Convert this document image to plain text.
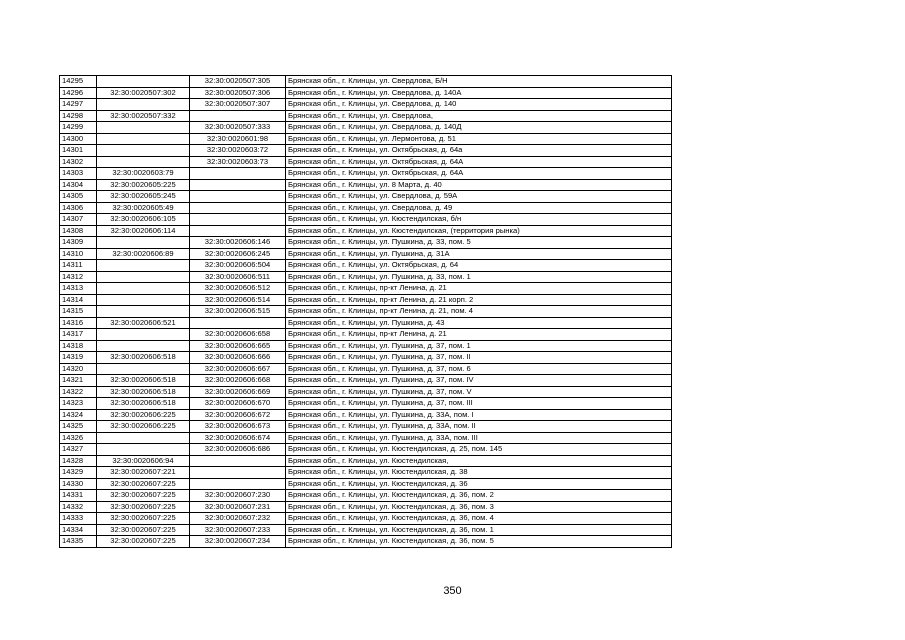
14295		32:30:0020507:305	Брянская обл., г. Клинцы, ул. Свердлова, Б/Н
14296	32:30:0020507:302	32:30:0020507:306	Брянская обл., г. Клинцы, ул. Свердлова, д. 140А
14297		32:30:0020507:307	Брянская обл., г. Клинцы, ул. Свердлова, д. 140
14298	32:30:0020507:332		Брянская обл., г. Клинцы, ул. Свердлова,
14299		32:30:0020507:333	Брянская обл., г. Клинцы, ул. Свердлова, д. 140Д
14300		32:30:0020601:98	Брянская обл., г. Клинцы, ул. Лермонтова, д. 51
14301		32:30:0020603:72	Брянская обл., г. Клинцы, ул. Октябрьская, д. 64а
14302		32:30:0020603:73	Брянская обл., г. Клинцы, ул. Октябрьская, д. 64А
14303	32:30:0020603:79		Брянская обл., г. Клинцы, ул. Октябрьская, д. 64А
14304	32:30:0020605:225		Брянская обл., г. Клинцы, ул. 8 Марта, д. 40
14305	32:30:0020605:245		Брянская обл., г. Клинцы, ул. Свердлова, д. 59А
14306	32:30:0020605:49		Брянская обл., г. Клинцы, ул. Свердлова, д. 49
14307	32:30:0020606:105		Брянская обл., г. Клинцы, ул. Кюстендилская, б/н
14308	32:30:0020606:114		Брянская обл., г. Клинцы, ул. Кюстендилская, (территория рынка)
14309		32:30:0020606:146	Брянская обл., г. Клинцы, ул. Пушкина, д. 33, пом. 5
14310	32:30:0020606:89	32:30:0020606:245	Брянская обл., г. Клинцы, ул. Пушкина, д. 31А
14311		32:30:0020606:504	Брянская обл., г. Клинцы, ул. Октябрьская, д. 64
14312		32:30:0020606:511	Брянская обл., г. Клинцы, ул. Пушкина, д. 33, пом. 1
14313		32:30:0020606:512	Брянская обл., г. Клинцы, пр-кт Ленина, д. 21
14314		32:30:0020606:514	Брянская обл., г. Клинцы, пр-кт Ленина, д. 21 корп. 2
14315		32:30:0020606:515	Брянская обл., г. Клинцы, пр-кт Ленина, д. 21, пом. 4
14316	32:30:0020606:521		Брянская обл., г. Клинцы, ул. Пушкина, д. 43
14317		32:30:0020606:658	Брянская обл., г. Клинцы, пр-кт Ленина, д. 21
14318		32:30:0020606:665	Брянская обл., г. Клинцы, ул. Пушкина, д. 37, пом. 1
14319	32:30:0020606:518	32:30:0020606:666	Брянская обл., г. Клинцы, ул. Пушкина, д. 37, пом. II
14320		32:30:0020606:667	Брянская обл., г. Клинцы, ул. Пушкина, д. 37, пом. 6
14321	32:30:0020606:518	32:30:0020606:668	Брянская обл., г. Клинцы, ул. Пушкина, д. 37, пом. IV
14322	32:30:0020606:518	32:30:0020606:669	Брянская обл., г. Клинцы, ул. Пушкина, д. 37, пом. V
14323	32:30:0020606:518	32:30:0020606:670	Брянская обл., г. Клинцы, ул. Пушкина, д. 37, пом. III
14324	32:30:0020606:225	32:30:0020606:672	Брянская обл., г. Клинцы, ул. Пушкина, д. 33А, пом. I
14325	32:30:0020606:225	32:30:0020606:673	Брянская обл., г. Клинцы, ул. Пушкина, д. 33А, пом. II
14326		32:30:0020606:674	Брянская обл., г. Клинцы, ул. Пушкина, д. 33А, пом. III
14327		32:30:0020606:686	Брянская обл., г. Клинцы, ул. Кюстендилская, д. 25, пом. 145
14328	32:30:0020606:94		Брянская обл., г. Клинцы, ул. Кюстендилская,
14329	32:30:0020607:221		Брянская обл., г. Клинцы, ул. Кюстендилская, д. 38
14330	32:30:0020607:225		Брянская обл., г. Клинцы, ул. Кюстендилская, д. 36
14331	32:30:0020607:225	32:30:0020607:230	Брянская обл., г. Клинцы, ул. Кюстендилская, д. 36, пом. 2
14332	32:30:0020607:225	32:30:0020607:231	Брянская обл., г. Клинцы, ул. Кюстендилская, д. 36, пом. 3
14333	32:30:0020607:225	32:30:0020607:232	Брянская обл., г. Клинцы, ул. Кюстендилская, д. 36, пом. 4
14334	32:30:0020607:225	32:30:0020607:233	Брянская обл., г. Клинцы, ул. Кюстендилская, д. 36, пом. 1
14335	32:30:0020607:225	32:30:0020607:234	Брянская обл., г. Клинцы, ул. Кюстендилская, д. 36, пом. 5
350
